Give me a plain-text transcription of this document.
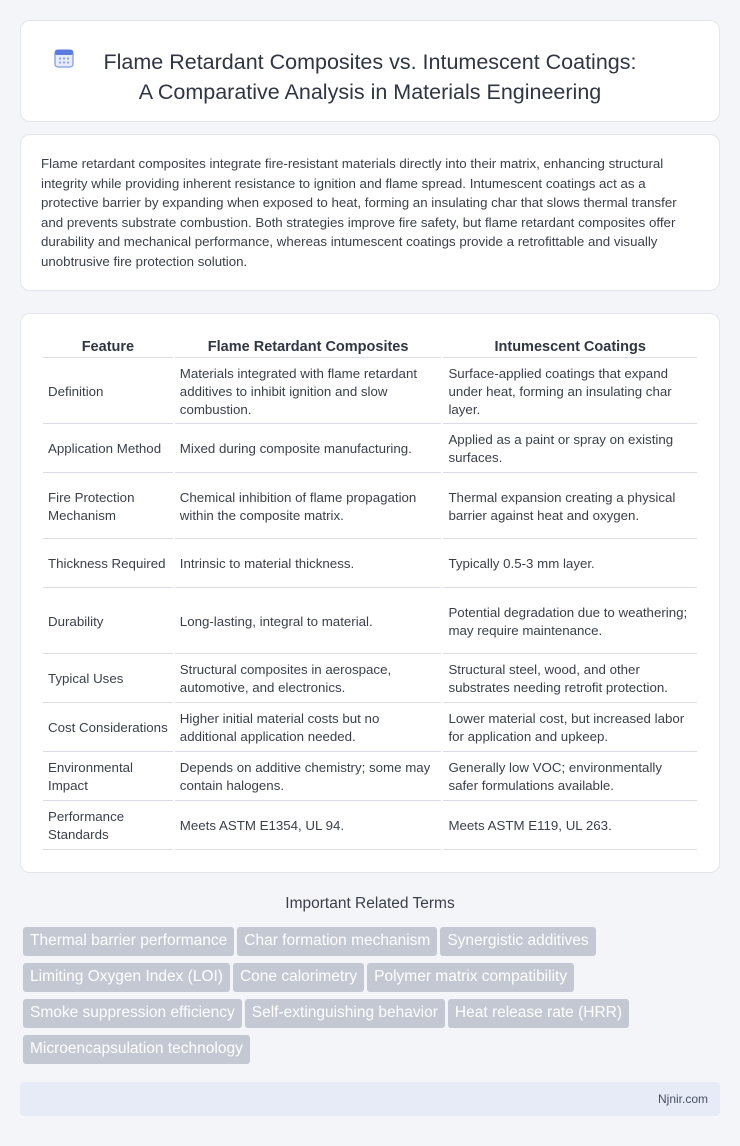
Flame Retardant Composites vs. Intumescent Coatings:
A Comparative Analysis in Materials Engineering

Flame retardant composites integrate fire-resistant materials directly into their matrix, enhancing structural integrity while providing inherent resistance to ignition and flame spread. Intumescent coatings act as a protective barrier by expanding when exposed to heat, forming an insulating char that slows thermal transfer and prevents substrate combustion. Both strategies improve fire safety, but flame retardant composites offer durability and mechanical performance, whereas intumescent coatings provide a retrofittable and visually unobtrusive fire protection solution.

Feature	Flame Retardant Composites	Intumescent Coatings
Definition	Materials integrated with flame retardant additives to inhibit ignition and slow combustion.	Surface-applied coatings that expand under heat, forming an insulating char layer.
Application Method	Mixed during composite manufacturing.	Applied as a paint or spray on existing surfaces.
Fire Protection Mechanism	Chemical inhibition of flame propagation within the composite matrix.	Thermal expansion creating a physical barrier against heat and oxygen.
Thickness Required	Intrinsic to material thickness.	Typically 0.5-3 mm layer.
Durability	Long-lasting, integral to material.	Potential degradation due to weathering; may require maintenance.
Typical Uses	Structural composites in aerospace, automotive, and electronics.	Structural steel, wood, and other substrates needing retrofit protection.
Cost Considerations	Higher initial material costs but no additional application needed.	Lower material cost, but increased labor for application and upkeep.
Environmental Impact	Depends on additive chemistry; some may contain halogens.	Generally low VOC; environmentally safer formulations available.
Performance Standards	Meets ASTM E1354, UL 94.	Meets ASTM E119, UL 263.
Important Related Terms
Thermal barrier performance Char formation mechanism Synergistic additives
Limiting Oxygen Index (LOI) Cone calorimetry Polymer matrix compatibility
Smoke suppression efficiency Self-extinguishing behavior Heat release rate (HRR)
Microencapsulation technology
Njnir.com
